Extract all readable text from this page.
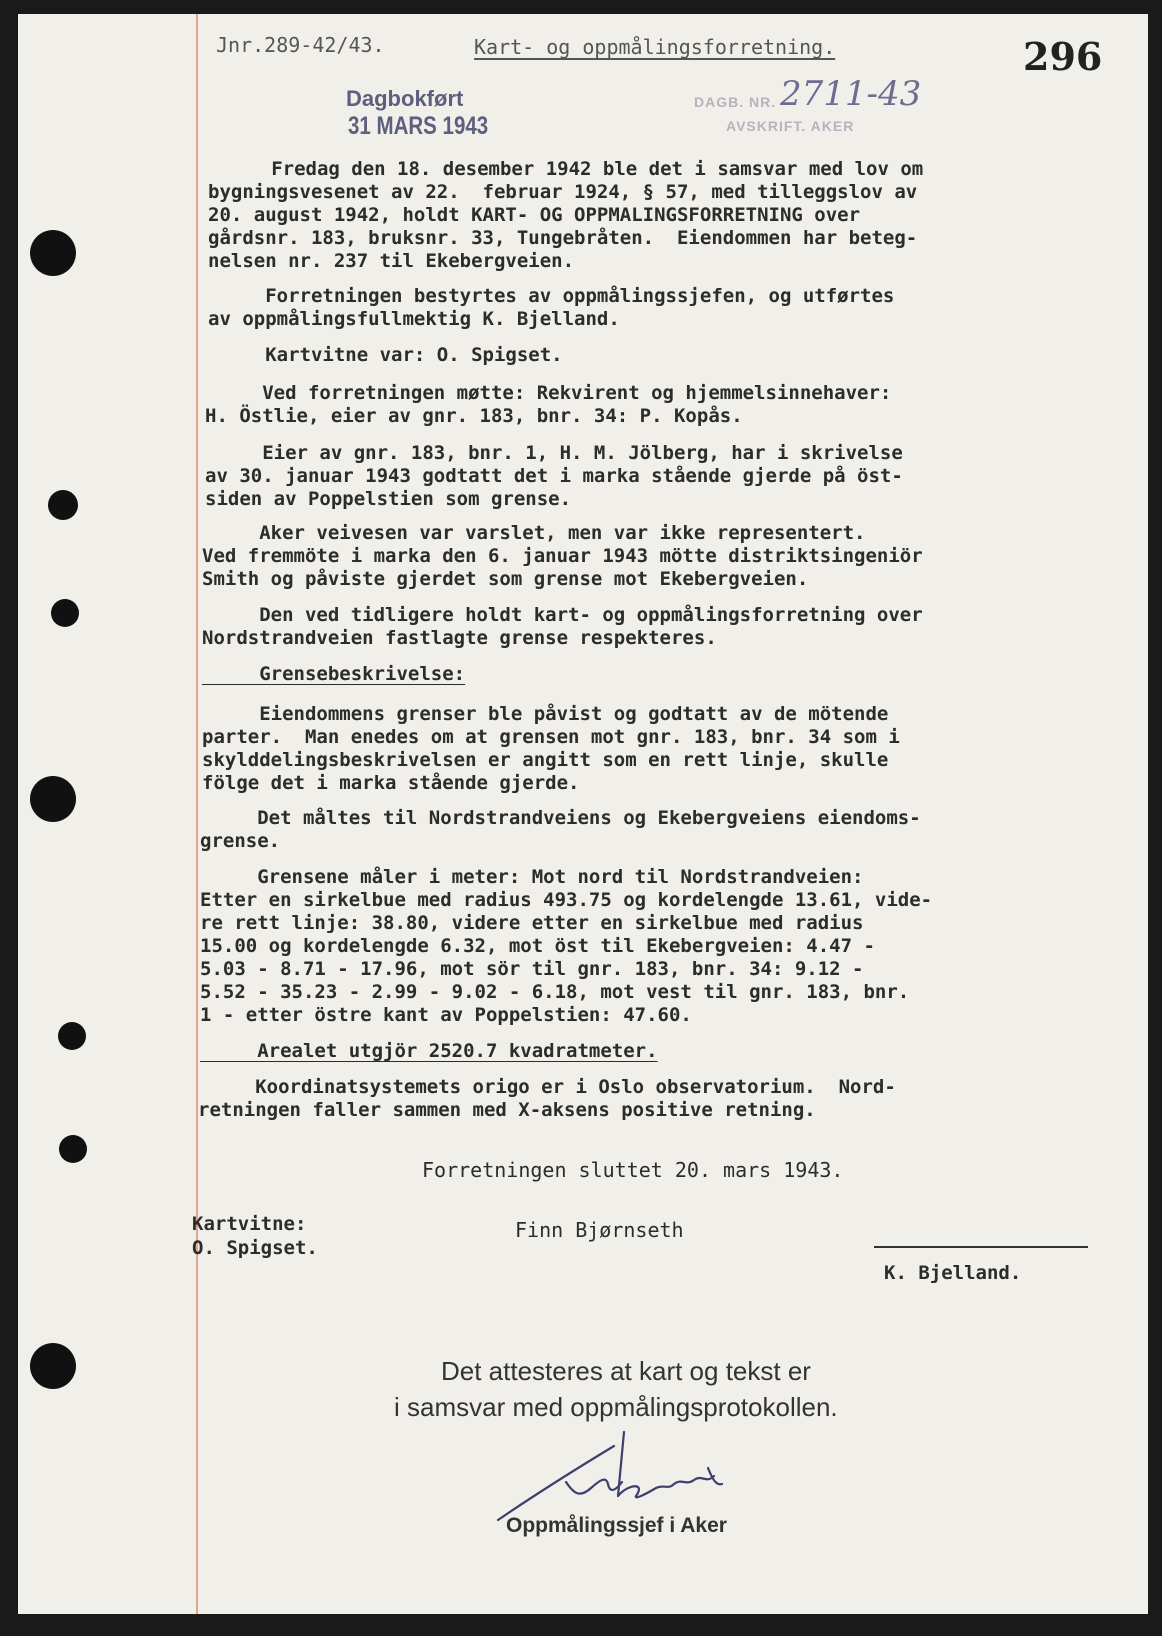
Jnr.289-42/43.	Kart- og oppmålingsforretning.	296
Dagbokført
31 MARS 1943
DAGB. NR. 2711-43
AVSKRIFT. AKER
Fredag den 18. desember 1942 ble det i samsvar med lov om
bygningsvesenet av 22.  februar 1924, § 57, med tilleggslov av
20. august 1942, holdt KART- OG OPPMALINGSFORRETNING over
gårdsnr. 183, bruksnr. 33, Tungebråten.  Eiendommen har beteg-
nelsen nr. 237 til Ekebergveien.
Forretningen bestyrtes av oppmålingssjefen, og utførtes
av oppmålingsfullmektig K. Bjelland.
Kartvitne var: O. Spigset.
Ved forretningen møtte: Rekvirent og hjemmelsinnehaver:
H. Östlie, eier av gnr. 183, bnr. 34: P. Kopås.
Eier av gnr. 183, bnr. 1, H. M. Jölberg, har i skrivelse
av 30. januar 1943 godtatt det i marka stående gjerde på öst-
siden av Poppelstien som grense.
Aker veivesen var varslet, men var ikke representert.
Ved fremmöte i marka den 6. januar 1943 mötte distriktsingeniör
Smith og påviste gjerdet som grense mot Ekebergveien.
Den ved tidligere holdt kart- og oppmålingsforretning over
Nordstrandveien fastlagte grense respekteres.
Grensebeskrivelse:
Eiendommens grenser ble påvist og godtatt av de mötende
parter.  Man enedes om at grensen mot gnr. 183, bnr. 34 som i
skylddelingsbeskrivelsen er angitt som en rett linje, skulle
fölge det i marka stående gjerde.
Det måltes til Nordstrandveiens og Ekebergveiens eiendoms-
grense.
Grensene måler i meter: Mot nord til Nordstrandveien:
Etter en sirkelbue med radius 493.75 og kordelengde 13.61, vide-
re rett linje: 38.80, videre etter en sirkelbue med radius
15.00 og kordelengde 6.32, mot öst til Ekebergveien: 4.47 -
5.03 - 8.71 - 17.96, mot sör til gnr. 183, bnr. 34: 9.12 -
5.52 - 35.23 - 2.99 - 9.02 - 6.18, mot vest til gnr. 183, bnr.
1 - etter östre kant av Poppelstien: 47.60.
Arealet utgjör 2520.7 kvadratmeter.
Koordinatsystemets origo er i Oslo observatorium.  Nord-
retningen faller sammen med X-aksens positive retning.
Forretningen sluttet 20. mars 1943.
Kartvitne:
O. Spigset.
Finn Bjørnseth
K. Bjelland.
Det attesteres at kart og tekst er
i samsvar med oppmålingsprotokollen.
Oppmålingssjef i Aker
